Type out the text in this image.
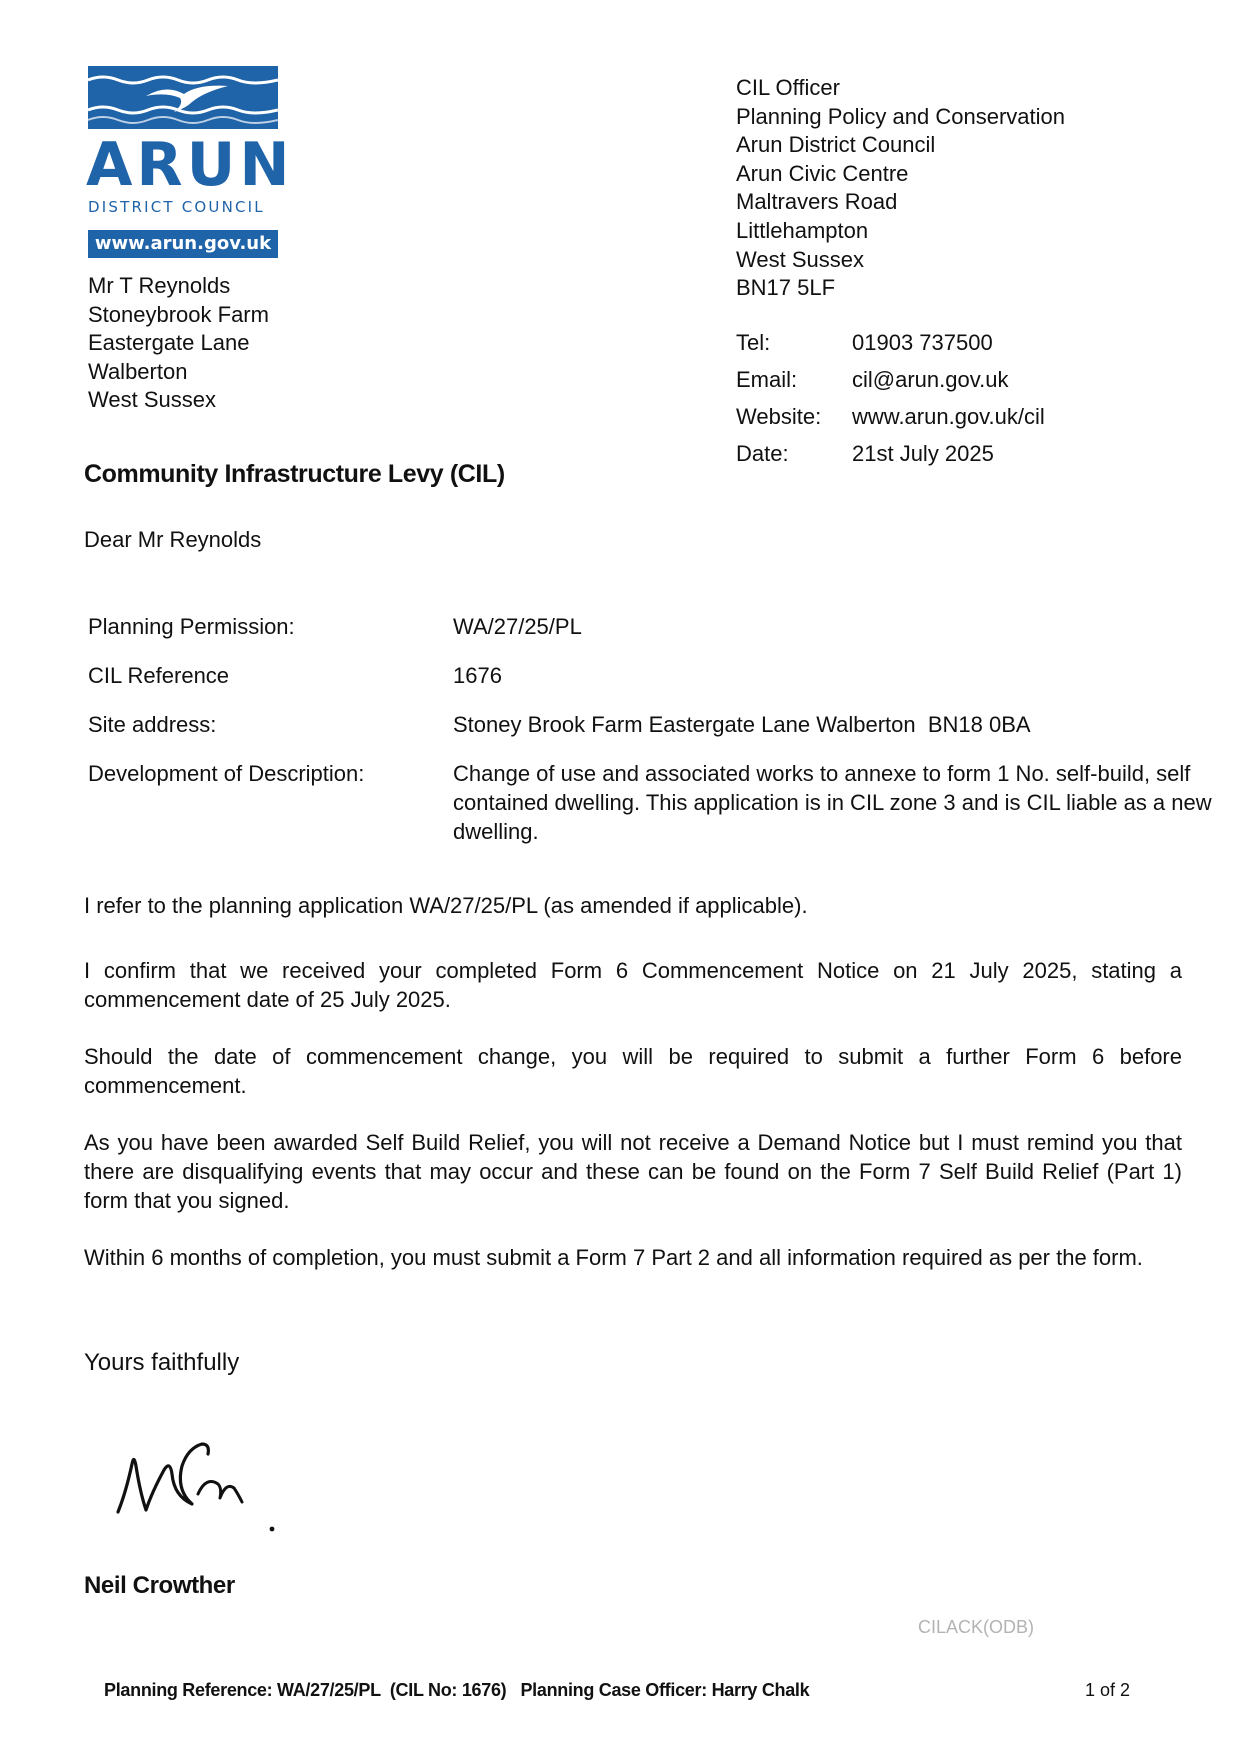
ARUN
DISTRICT COUNCIL
www.arun.gov.uk
Mr T Reynolds
Stoneybrook Farm
Eastergate Lane
Walberton
West Sussex
CIL Officer
Planning Policy and Conservation
Arun District Council
Arun Civic Centre
Maltravers Road
Littlehampton
West Sussex
BN17 5LF
Tel:	01903 737500
Email: cil@arun.gov.uk
Website: www.arun.gov.uk/cil
Date:	21st July 2025
Community Infrastructure Levy (CIL)
Dear Mr Reynolds
Planning Permission:	WA/27/25/PL
CIL Reference	1676
Site address:	Stoney Brook Farm Eastergate Lane Walberton  BN18 0BA
Development of Description:	Change of use and associated works to annexe to form 1 No. self-build, self contained dwelling. This application is in CIL zone 3 and is CIL liable as a new dwelling.
I refer to the planning application WA/27/25/PL (as amended if applicable).
I confirm that we received your completed Form 6 Commencement Notice on 21 July 2025, stating a commencement date of 25 July 2025.
Should the date of commencement change, you will be required to submit a further Form 6 before commencement.
As you have been awarded Self Build Relief, you will not receive a Demand Notice but I must remind you that there are disqualifying events that may occur and these can be found on the Form 7 Self Build Relief (Part 1) form that you signed.
Within 6 months of completion, you must submit a Form 7 Part 2 and all information required as per the form.
Yours faithfully
Neil Crowther
CILACK(ODB)
Planning Reference: WA/27/25/PL  (CIL No: 1676)   Planning Case Officer: Harry Chalk	1 of 2
